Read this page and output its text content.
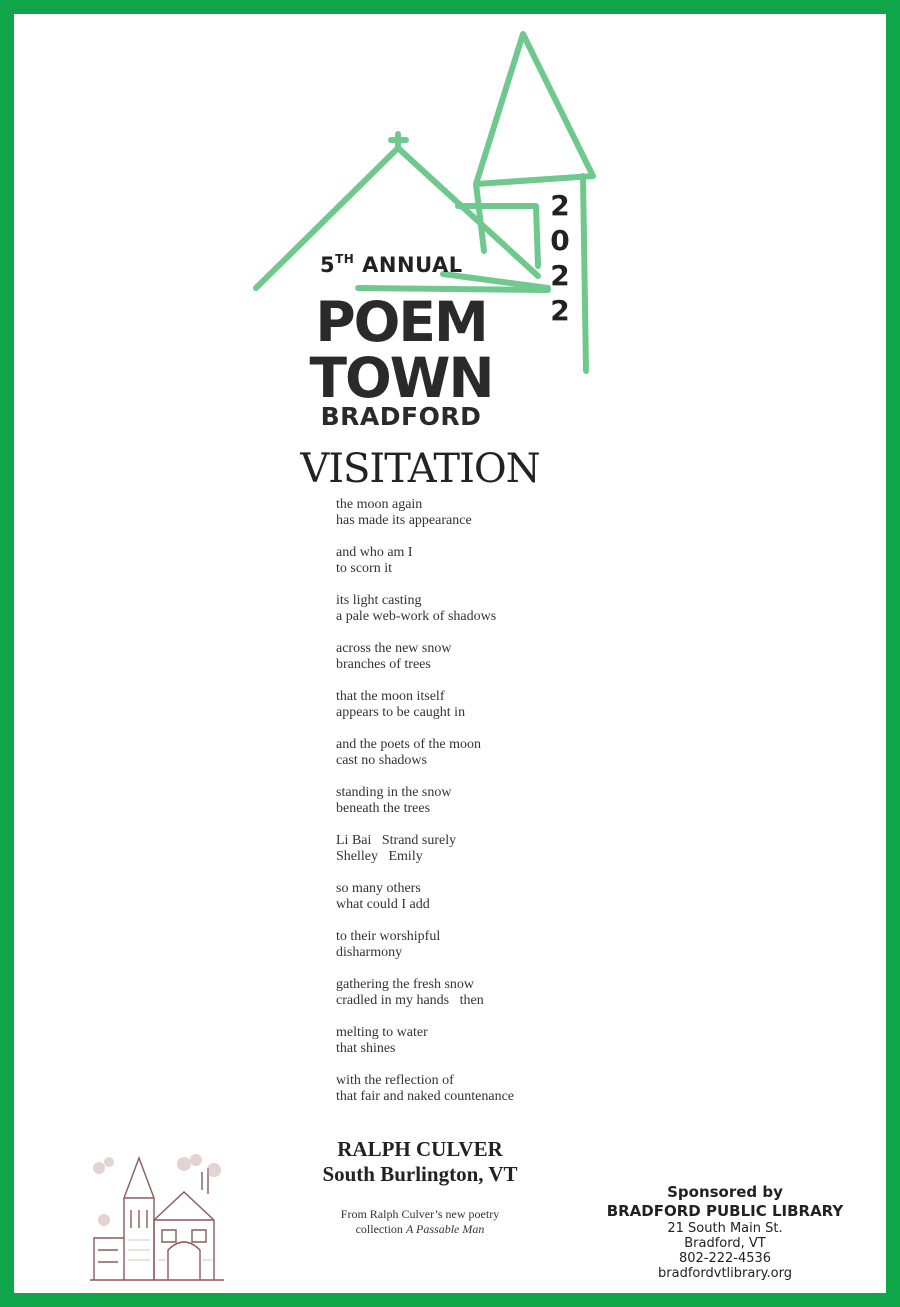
5TH ANNUAL
POEM
TOWN
BRADFORD
2
0
2
2
VISITATION
the moon again
has made its appearance
and who am I
to scorn it
its light casting
a pale web-work of shadows
across the new snow
branches of trees
that the moon itself
appears to be caught in
and the poets of the moon
cast no shadows
standing in the snow
beneath the trees
Li Bai   Strand surely
Shelley   Emily
so many others
what could I add
to their worshipful
disharmony
gathering the fresh snow
cradled in my hands   then
melting to water
that shines
with the reflection of
that fair and naked countenance
RALPH CULVER
South Burlington, VT
From Ralph Culver’s new poetry collection A Passable Man
Sponsored by
BRADFORD PUBLIC LIBRARY
21 South Main St.
Bradford, VT
802-222-4536
bradfordvtlibrary.org
